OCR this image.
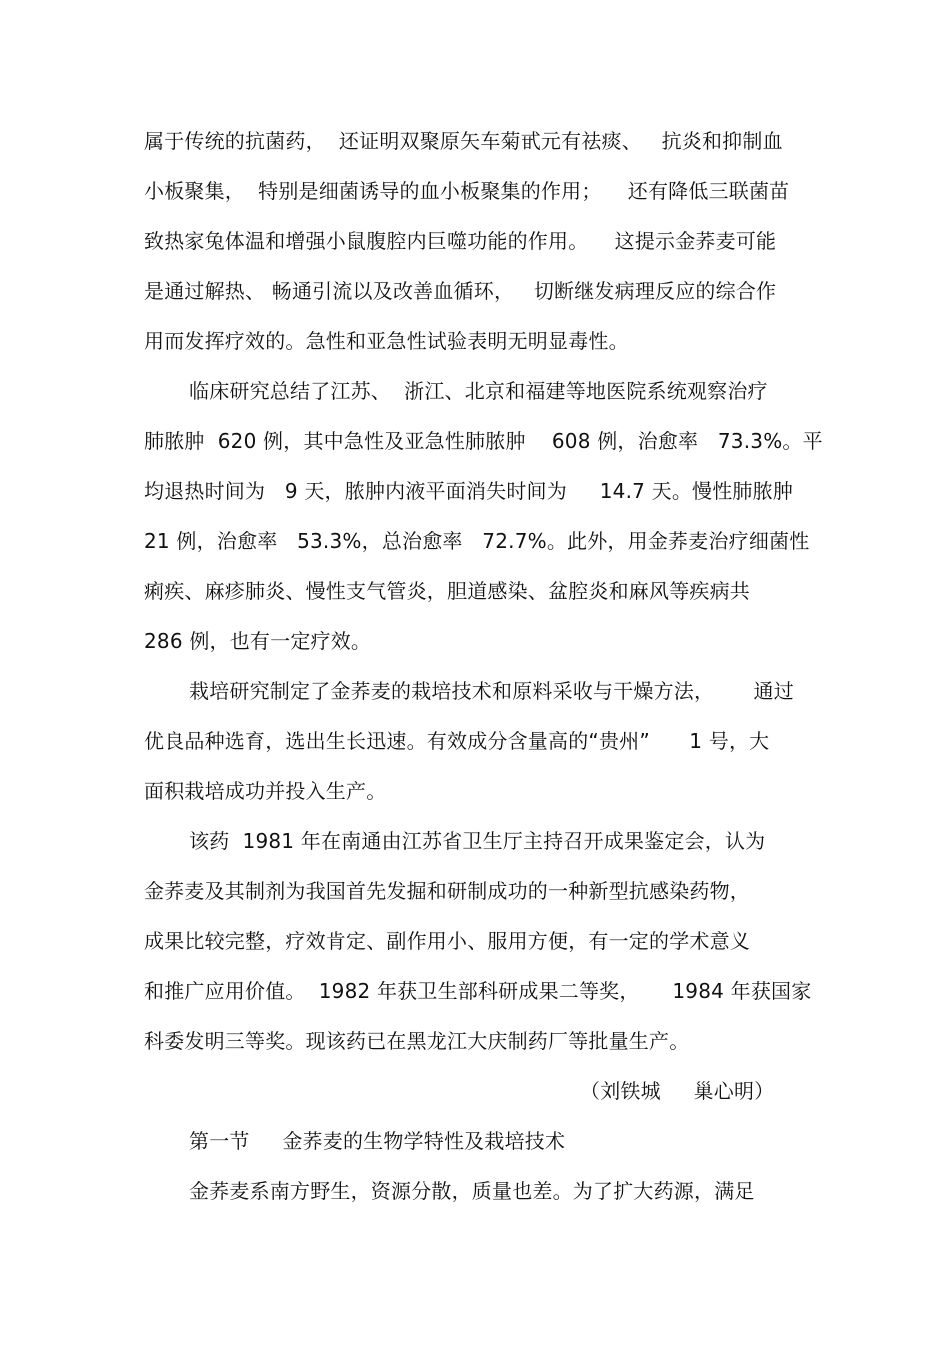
属于传统的抗菌药，  还证明双聚原矢车菊甙元有祛痰、   抗炎和抑制血
小板聚集，  特别是细菌诱导的血小板聚集的作用；    还有降低三联菌苗
致热家兔体温和增强小鼠腹腔内巨噬功能的作用。    这提示金荞麦可能
是通过解热、 畅通引流以及改善血循环，   切断继发病理反应的综合作
用而发挥疗效的。急性和亚急性试验表明无明显毒性。
临床研究总结了江苏、  浙江、北京和福建等地医院系统观察治疗
肺脓肿  620 例，其中急性及亚急性肺脓肿    608 例，治愈率   73.3%。平
均退热时间为   9 天，脓肿内液平面消失时间为     14.7 天。慢性肺脓肿
21 例，治愈率   53.3%，总治愈率   72.7%。此外，用金荞麦治疗细菌性
痢疾、麻疹肺炎、慢性支气管炎，胆道感染、盆腔炎和麻风等疾病共
286 例，也有一定疗效。
栽培研究制定了金荞麦的栽培技术和原料采收与干燥方法，      通过
优良品种选育，选出生长迅速。有效成分含量高的“贵州”      1 号，大
面积栽培成功并投入生产。
该药  1981 年在南通由江苏省卫生厅主持召开成果鉴定会，认为
金荞麦及其制剂为我国首先发掘和研制成功的一种新型抗感染药物，
成果比较完整，疗效肯定、副作用小、服用方便，有一定的学术意义
和推广应用价值。  1982 年获卫生部科研成果二等奖，     1984 年获国家
科委发明三等奖。现该药已在黑龙江大庆制药厂等批量生产。
（刘铁城     巢心明）
第一节     金荞麦的生物学特性及栽培技术
金荞麦系南方野生，资源分散，质量也差。为了扩大药源，满足
